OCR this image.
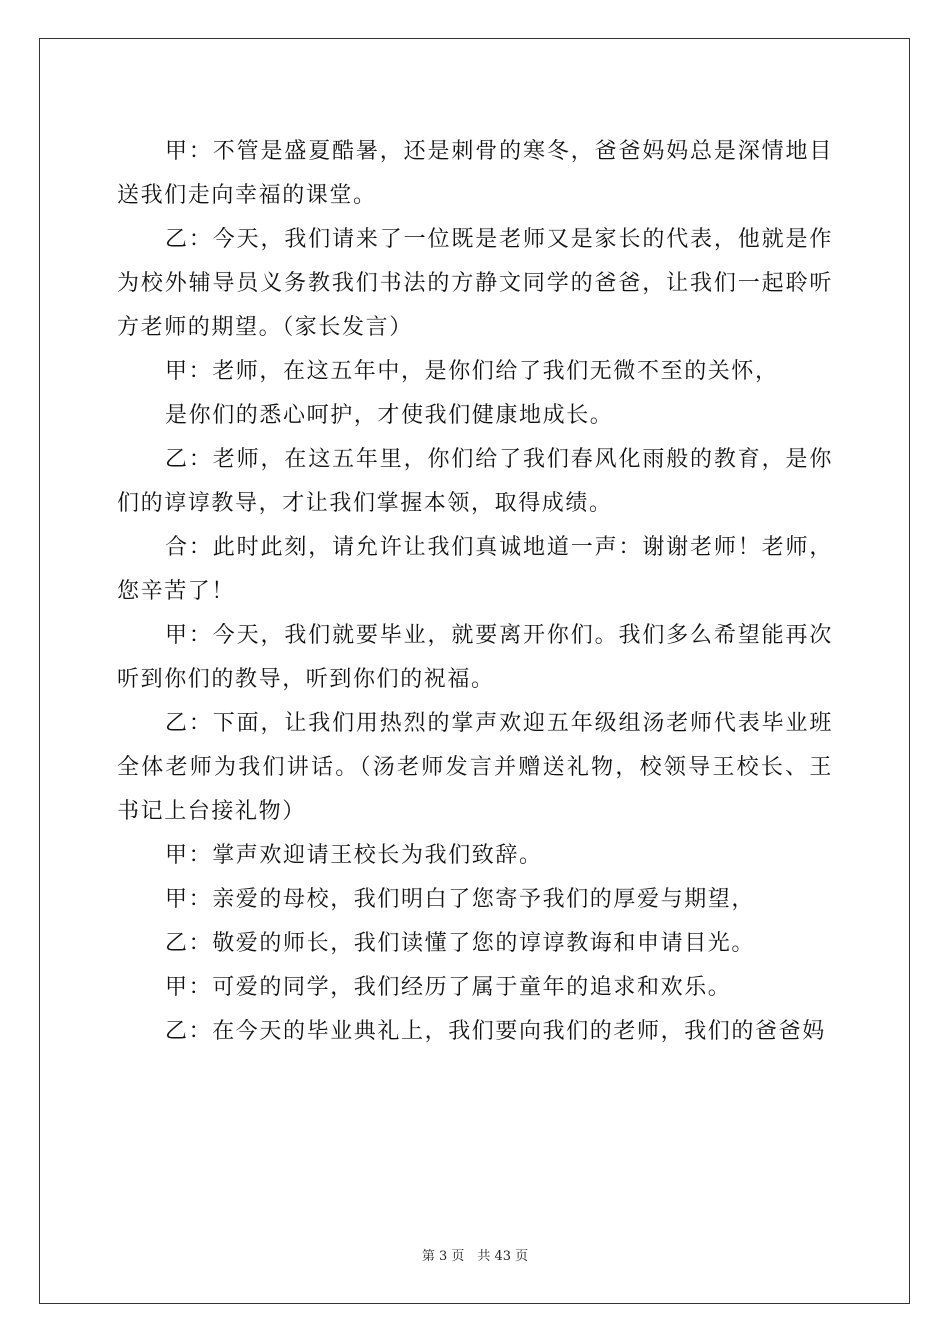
甲：不管是盛夏酷暑，还是刺骨的寒冬，爸爸妈妈总是深情地目送我们走向幸福的课堂。

乙：今天，我们请来了一位既是老师又是家长的代表，他就是作为校外辅导员义务教我们书法的方静文同学的爸爸，让我们一起聆听方老师的期望。（家长发言）

甲：老师，在这五年中，是你们给了我们无微不至的关怀，

是你们的悉心呵护，才使我们健康地成长。

乙：老师，在这五年里，你们给了我们春风化雨般的教育，是你们的谆谆教导，才让我们掌握本领，取得成绩。

合：此时此刻，请允许让我们真诚地道一声：谢谢老师！老师，您辛苦了！

甲：今天，我们就要毕业，就要离开你们。我们多么希望能再次听到你们的教导，听到你们的祝福。

乙：下面，让我们用热烈的掌声欢迎五年级组汤老师代表毕业班全体老师为我们讲话。（汤老师发言并赠送礼物，校领导王校长、王书记上台接礼物）

甲：掌声欢迎请王校长为我们致辞。

甲：亲爱的母校，我们明白了您寄予我们的厚爱与期望，

乙：敬爱的师长，我们读懂了您的谆谆教诲和申请目光。

甲：可爱的同学，我们经历了属于童年的追求和欢乐。

乙：在今天的毕业典礼上，我们要向我们的老师，我们的爸爸妈

第 3 页　共 43 页
